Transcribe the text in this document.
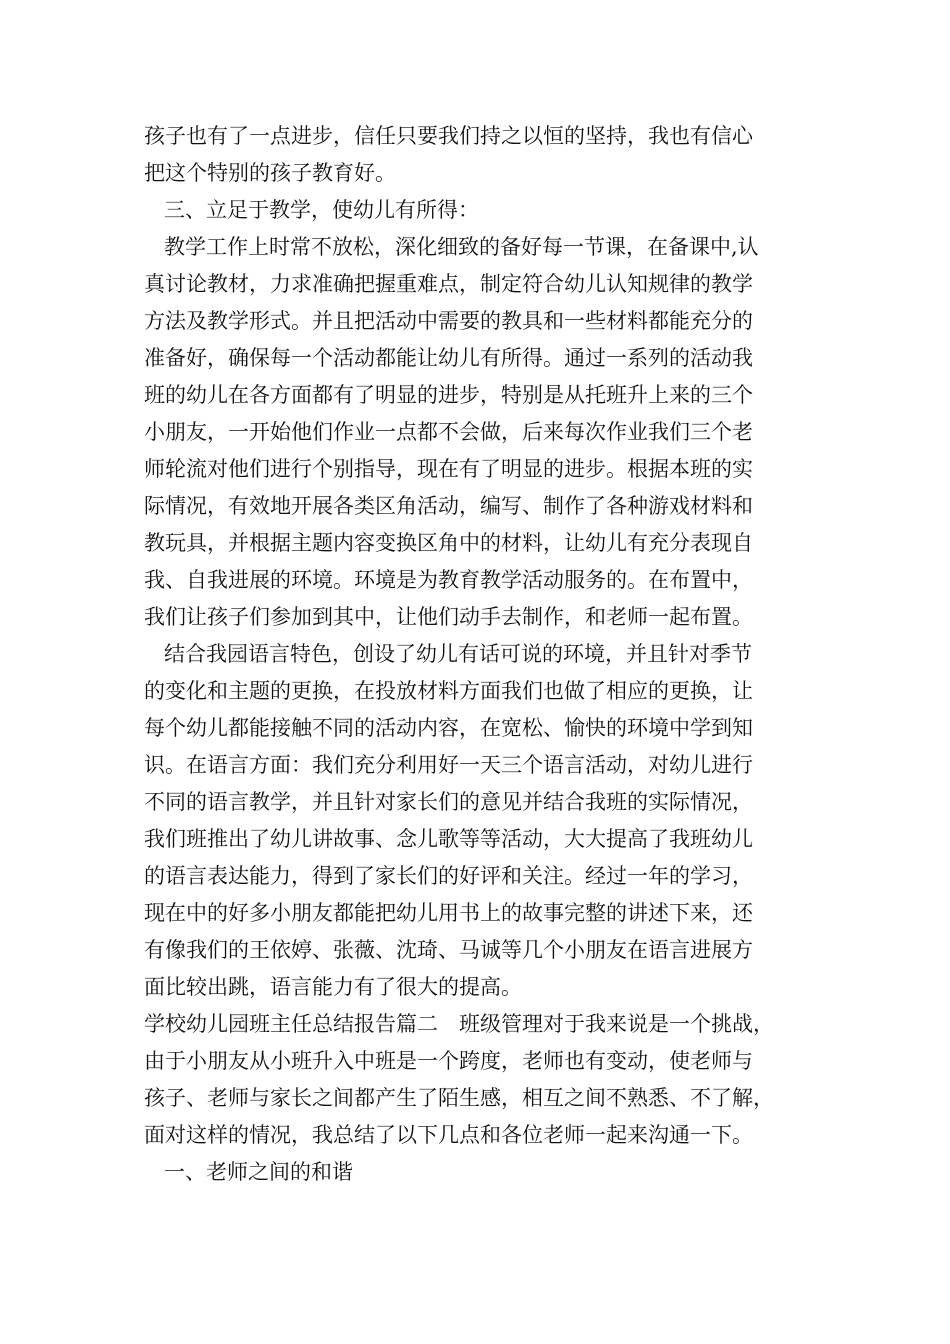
孩子也有了一点进步，信任只要我们持之以恒的坚持，我也有信心
把这个特别的孩子教育好。
三、立足于教学，使幼儿有所得：
教学工作上时常不放松，深化细致的备好每一节课，在备课中,认
真讨论教材，力求准确把握重难点，制定符合幼儿认知规律的教学
方法及教学形式。并且把活动中需要的教具和一些材料都能充分的
准备好，确保每一个活动都能让幼儿有所得。通过一系列的活动我
班的幼儿在各方面都有了明显的进步，特别是从托班升上来的三个
小朋友，一开始他们作业一点都不会做，后来每次作业我们三个老
师轮流对他们进行个别指导，现在有了明显的进步。根据本班的实
际情况，有效地开展各类区角活动，编写、制作了各种游戏材料和
教玩具，并根据主题内容变换区角中的材料，让幼儿有充分表现自
我、自我进展的环境。环境是为教育教学活动服务的。在布置中，
我们让孩子们参加到其中，让他们动手去制作，和老师一起布置。
结合我园语言特色，创设了幼儿有话可说的环境，并且针对季节
的变化和主题的更换，在投放材料方面我们也做了相应的更换，让
每个幼儿都能接触不同的活动内容，在宽松、愉快的环境中学到知
识。在语言方面：我们充分利用好一天三个语言活动，对幼儿进行
不同的语言教学，并且针对家长们的意见并结合我班的实际情况，
我们班推出了幼儿讲故事、念儿歌等等活动，大大提高了我班幼儿
的语言表达能力，得到了家长们的好评和关注。经过一年的学习，
现在中的好多小朋友都能把幼儿用书上的故事完整的讲述下来，还
有像我们的王依婷、张薇、沈琦、马诚等几个小朋友在语言进展方
面比较出跳，语言能力有了很大的提高。
学校幼儿园班主任总结报告篇二　班级管理对于我来说是一个挑战，
由于小朋友从小班升入中班是一个跨度，老师也有变动，使老师与
孩子、老师与家长之间都产生了陌生感，相互之间不熟悉、不了解，
面对这样的情况，我总结了以下几点和各位老师一起来沟通一下。
一、老师之间的和谐
